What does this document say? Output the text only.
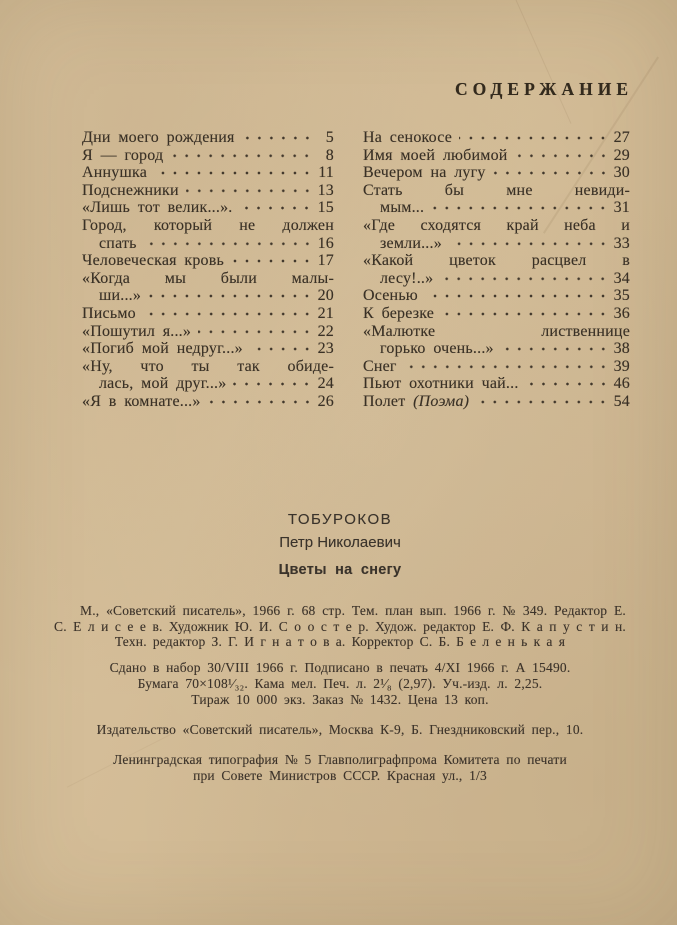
СОДЕРЖАНИЕ
Дни моего рождения	5
Я — город	8
Аннушка	11
Подснежники	13
«Лишь тот велик...».	15
Город, который не должен
спать	16
Человеческая кровь	17
«Когда мы были малы-
ши...»	20
Письмо	21
«Пошутил я...»	22
«Погиб мой недруг...»	23
«Ну, что ты так обиде-
лась, мой друг...»	24
«Я в комнате...»	26
На сенокосе	27
Имя моей любимой	29
Вечером на лугу	30
Стать бы мне невиди-
мым...	31
«Где сходятся край неба и
земли...»	33
«Какой цветок расцвел в
лесу!..»	34
Осенью	35
К березке	36
«Малютке лиственнице
горько очень...»	38
Снег	39
Пьют охотники чай...	46
Полет (Поэма)	54
ТОБУРОКОВ
Петр Николаевич
Цветы на снегу

М., «Советский писатель», 1966 г. 68 стр. Тем. план вып. 1966 г. № 349. Редактор Е. С. Е л и с е е в. Художник Ю. И. С о о с т е р. Худож. редактор Е. Ф. К а п у с т и н. Техн. редактор З. Г. И г н а т о в а. Корректор С. Б. Б е л е н ь к а я

Сдано в набор 30/VIII 1966 г. Подписано в печать 4/XI 1966 г. А 15490.
Бумага 70×108¹⁄₃₂. Кама мел. Печ. л. 2¹⁄₈ (2,97). Уч.-изд. л. 2,25.
Тираж 10 000 экз. Заказ № 1432. Цена 13 коп.
Издательство «Советский писатель», Москва К-9, Б. Гнездниковский пер., 10.
Ленинградская типография № 5 Главполиграфпрома Комитета по печати
при Совете Министров СССР. Красная ул., 1/3
